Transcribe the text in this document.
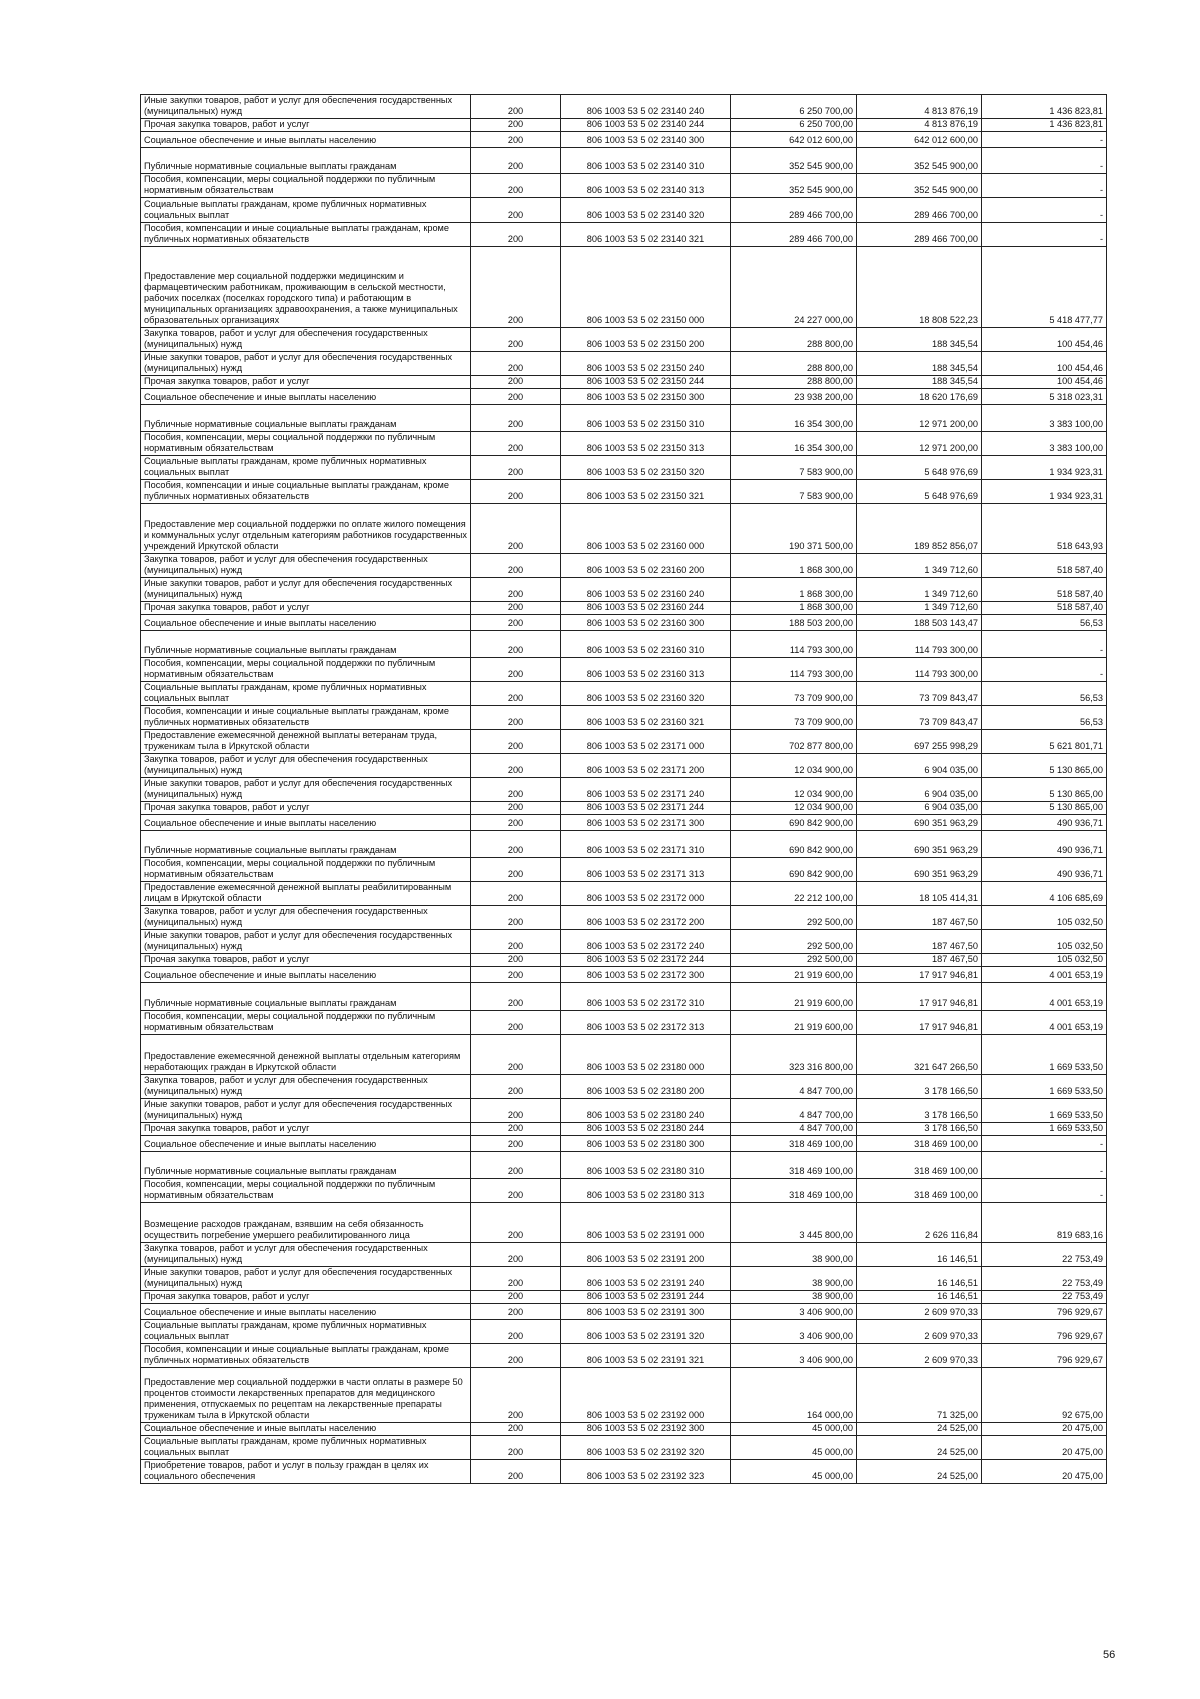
Иные закупки товаров, работ и услуг для обеспечения государственных (муниципальных) нужд	200	806 1003 53 5 02 23140 240	6 250 700,00	4 813 876,19	1 436 823,81
Прочая закупка товаров, работ и услуг	200	806 1003 53 5 02 23140 244	6 250 700,00	4 813 876,19	1 436 823,81
Социальное обеспечение и иные выплаты населению	200	806 1003 53 5 02 23140 300	642 012 600,00	642 012 600,00	-
Публичные нормативные социальные выплаты гражданам	200	806 1003 53 5 02 23140 310	352 545 900,00	352 545 900,00	-
Пособия, компенсации, меры социальной поддержки по публичным нормативным обязательствам	200	806 1003 53 5 02 23140 313	352 545 900,00	352 545 900,00	-
Социальные выплаты гражданам, кроме публичных нормативных социальных выплат	200	806 1003 53 5 02 23140 320	289 466 700,00	289 466 700,00	-
Пособия, компенсации и иные социальные выплаты гражданам, кроме публичных нормативных обязательств	200	806 1003 53 5 02 23140 321	289 466 700,00	289 466 700,00	-
Предоставление мер социальной поддержки медицинским и фармацевтическим работникам, проживающим в сельской местности, рабочих поселках (поселках городского типа) и работающим в муниципальных организациях здравоохранения, а также муниципальных образовательных организациях	200	806 1003 53 5 02 23150 000	24 227 000,00	18 808 522,23	5 418 477,77
Закупка товаров, работ и услуг для обеспечения государственных (муниципальных) нужд	200	806 1003 53 5 02 23150 200	288 800,00	188 345,54	100 454,46
Иные закупки товаров, работ и услуг для обеспечения государственных (муниципальных) нужд	200	806 1003 53 5 02 23150 240	288 800,00	188 345,54	100 454,46
Прочая закупка товаров, работ и услуг	200	806 1003 53 5 02 23150 244	288 800,00	188 345,54	100 454,46
Социальное обеспечение и иные выплаты населению	200	806 1003 53 5 02 23150 300	23 938 200,00	18 620 176,69	5 318 023,31
Публичные нормативные социальные выплаты гражданам	200	806 1003 53 5 02 23150 310	16 354 300,00	12 971 200,00	3 383 100,00
Пособия, компенсации, меры социальной поддержки по публичным нормативным обязательствам	200	806 1003 53 5 02 23150 313	16 354 300,00	12 971 200,00	3 383 100,00
Социальные выплаты гражданам, кроме публичных нормативных социальных выплат	200	806 1003 53 5 02 23150 320	7 583 900,00	5 648 976,69	1 934 923,31
Пособия, компенсации и иные социальные выплаты гражданам, кроме публичных нормативных обязательств	200	806 1003 53 5 02 23150 321	7 583 900,00	5 648 976,69	1 934 923,31
Предоставление мер социальной поддержки по оплате жилого помещения и коммунальных услуг отдельным категориям работников государственных учреждений Иркутской области	200	806 1003 53 5 02 23160 000	190 371 500,00	189 852 856,07	518 643,93
Закупка товаров, работ и услуг для обеспечения государственных (муниципальных) нужд	200	806 1003 53 5 02 23160 200	1 868 300,00	1 349 712,60	518 587,40
Иные закупки товаров, работ и услуг для обеспечения государственных (муниципальных) нужд	200	806 1003 53 5 02 23160 240	1 868 300,00	1 349 712,60	518 587,40
Прочая закупка товаров, работ и услуг	200	806 1003 53 5 02 23160 244	1 868 300,00	1 349 712,60	518 587,40
Социальное обеспечение и иные выплаты населению	200	806 1003 53 5 02 23160 300	188 503 200,00	188 503 143,47	56,53
Публичные нормативные социальные выплаты гражданам	200	806 1003 53 5 02 23160 310	114 793 300,00	114 793 300,00	-
Пособия, компенсации, меры социальной поддержки по публичным нормативным обязательствам	200	806 1003 53 5 02 23160 313	114 793 300,00	114 793 300,00	-
Социальные выплаты гражданам, кроме публичных нормативных социальных выплат	200	806 1003 53 5 02 23160 320	73 709 900,00	73 709 843,47	56,53
Пособия, компенсации и иные социальные выплаты гражданам, кроме публичных нормативных обязательств	200	806 1003 53 5 02 23160 321	73 709 900,00	73 709 843,47	56,53
Предоставление ежемесячной денежной выплаты ветеранам труда, труженикам тыла в Иркутской области	200	806 1003 53 5 02 23171 000	702 877 800,00	697 255 998,29	5 621 801,71
Закупка товаров, работ и услуг для обеспечения государственных (муниципальных) нужд	200	806 1003 53 5 02 23171 200	12 034 900,00	6 904 035,00	5 130 865,00
Иные закупки товаров, работ и услуг для обеспечения государственных (муниципальных) нужд	200	806 1003 53 5 02 23171 240	12 034 900,00	6 904 035,00	5 130 865,00
Прочая закупка товаров, работ и услуг	200	806 1003 53 5 02 23171 244	12 034 900,00	6 904 035,00	5 130 865,00
Социальное обеспечение и иные выплаты населению	200	806 1003 53 5 02 23171 300	690 842 900,00	690 351 963,29	490 936,71
Публичные нормативные социальные выплаты гражданам	200	806 1003 53 5 02 23171 310	690 842 900,00	690 351 963,29	490 936,71
Пособия, компенсации, меры социальной поддержки по публичным нормативным обязательствам	200	806 1003 53 5 02 23171 313	690 842 900,00	690 351 963,29	490 936,71
Предоставление ежемесячной денежной выплаты реабилитированным лицам в Иркутской области	200	806 1003 53 5 02 23172 000	22 212 100,00	18 105 414,31	4 106 685,69
Закупка товаров, работ и услуг для обеспечения государственных (муниципальных) нужд	200	806 1003 53 5 02 23172 200	292 500,00	187 467,50	105 032,50
Иные закупки товаров, работ и услуг для обеспечения государственных (муниципальных) нужд	200	806 1003 53 5 02 23172 240	292 500,00	187 467,50	105 032,50
Прочая закупка товаров, работ и услуг	200	806 1003 53 5 02 23172 244	292 500,00	187 467,50	105 032,50
Социальное обеспечение и иные выплаты населению	200	806 1003 53 5 02 23172 300	21 919 600,00	17 917 946,81	4 001 653,19
Публичные нормативные социальные выплаты гражданам	200	806 1003 53 5 02 23172 310	21 919 600,00	17 917 946,81	4 001 653,19
Пособия, компенсации, меры социальной поддержки по публичным нормативным обязательствам	200	806 1003 53 5 02 23172 313	21 919 600,00	17 917 946,81	4 001 653,19
Предоставление ежемесячной денежной выплаты отдельным категориям неработающих граждан в Иркутской области	200	806 1003 53 5 02 23180 000	323 316 800,00	321 647 266,50	1 669 533,50
Закупка товаров, работ и услуг для обеспечения государственных (муниципальных) нужд	200	806 1003 53 5 02 23180 200	4 847 700,00	3 178 166,50	1 669 533,50
Иные закупки товаров, работ и услуг для обеспечения государственных (муниципальных) нужд	200	806 1003 53 5 02 23180 240	4 847 700,00	3 178 166,50	1 669 533,50
Прочая закупка товаров, работ и услуг	200	806 1003 53 5 02 23180 244	4 847 700,00	3 178 166,50	1 669 533,50
Социальное обеспечение и иные выплаты населению	200	806 1003 53 5 02 23180 300	318 469 100,00	318 469 100,00	-
Публичные нормативные социальные выплаты гражданам	200	806 1003 53 5 02 23180 310	318 469 100,00	318 469 100,00	-
Пособия, компенсации, меры социальной поддержки по публичным нормативным обязательствам	200	806 1003 53 5 02 23180 313	318 469 100,00	318 469 100,00	-
Возмещение расходов гражданам, взявшим на себя обязанность осуществить погребение умершего реабилитированного лица	200	806 1003 53 5 02 23191 000	3 445 800,00	2 626 116,84	819 683,16
Закупка товаров, работ и услуг для обеспечения государственных (муниципальных) нужд	200	806 1003 53 5 02 23191 200	38 900,00	16 146,51	22 753,49
Иные закупки товаров, работ и услуг для обеспечения государственных (муниципальных) нужд	200	806 1003 53 5 02 23191 240	38 900,00	16 146,51	22 753,49
Прочая закупка товаров, работ и услуг	200	806 1003 53 5 02 23191 244	38 900,00	16 146,51	22 753,49
Социальное обеспечение и иные выплаты населению	200	806 1003 53 5 02 23191 300	3 406 900,00	2 609 970,33	796 929,67
Социальные выплаты гражданам, кроме публичных нормативных социальных выплат	200	806 1003 53 5 02 23191 320	3 406 900,00	2 609 970,33	796 929,67
Пособия, компенсации и иные социальные выплаты гражданам, кроме публичных нормативных обязательств	200	806 1003 53 5 02 23191 321	3 406 900,00	2 609 970,33	796 929,67
Предоставление мер социальной поддержки в части оплаты в размере 50 процентов стоимости лекарственных препаратов для медицинского применения, отпускаемых по рецептам на лекарственные препараты труженикам тыла в Иркутской области	200	806 1003 53 5 02 23192 000	164 000,00	71 325,00	92 675,00
Социальное обеспечение и иные выплаты населению	200	806 1003 53 5 02 23192 300	45 000,00	24 525,00	20 475,00
Социальные выплаты гражданам, кроме публичных нормативных социальных выплат	200	806 1003 53 5 02 23192 320	45 000,00	24 525,00	20 475,00
Приобретение товаров, работ и услуг в пользу граждан в целях их социального обеспечения	200	806 1003 53 5 02 23192 323	45 000,00	24 525,00	20 475,00
56
